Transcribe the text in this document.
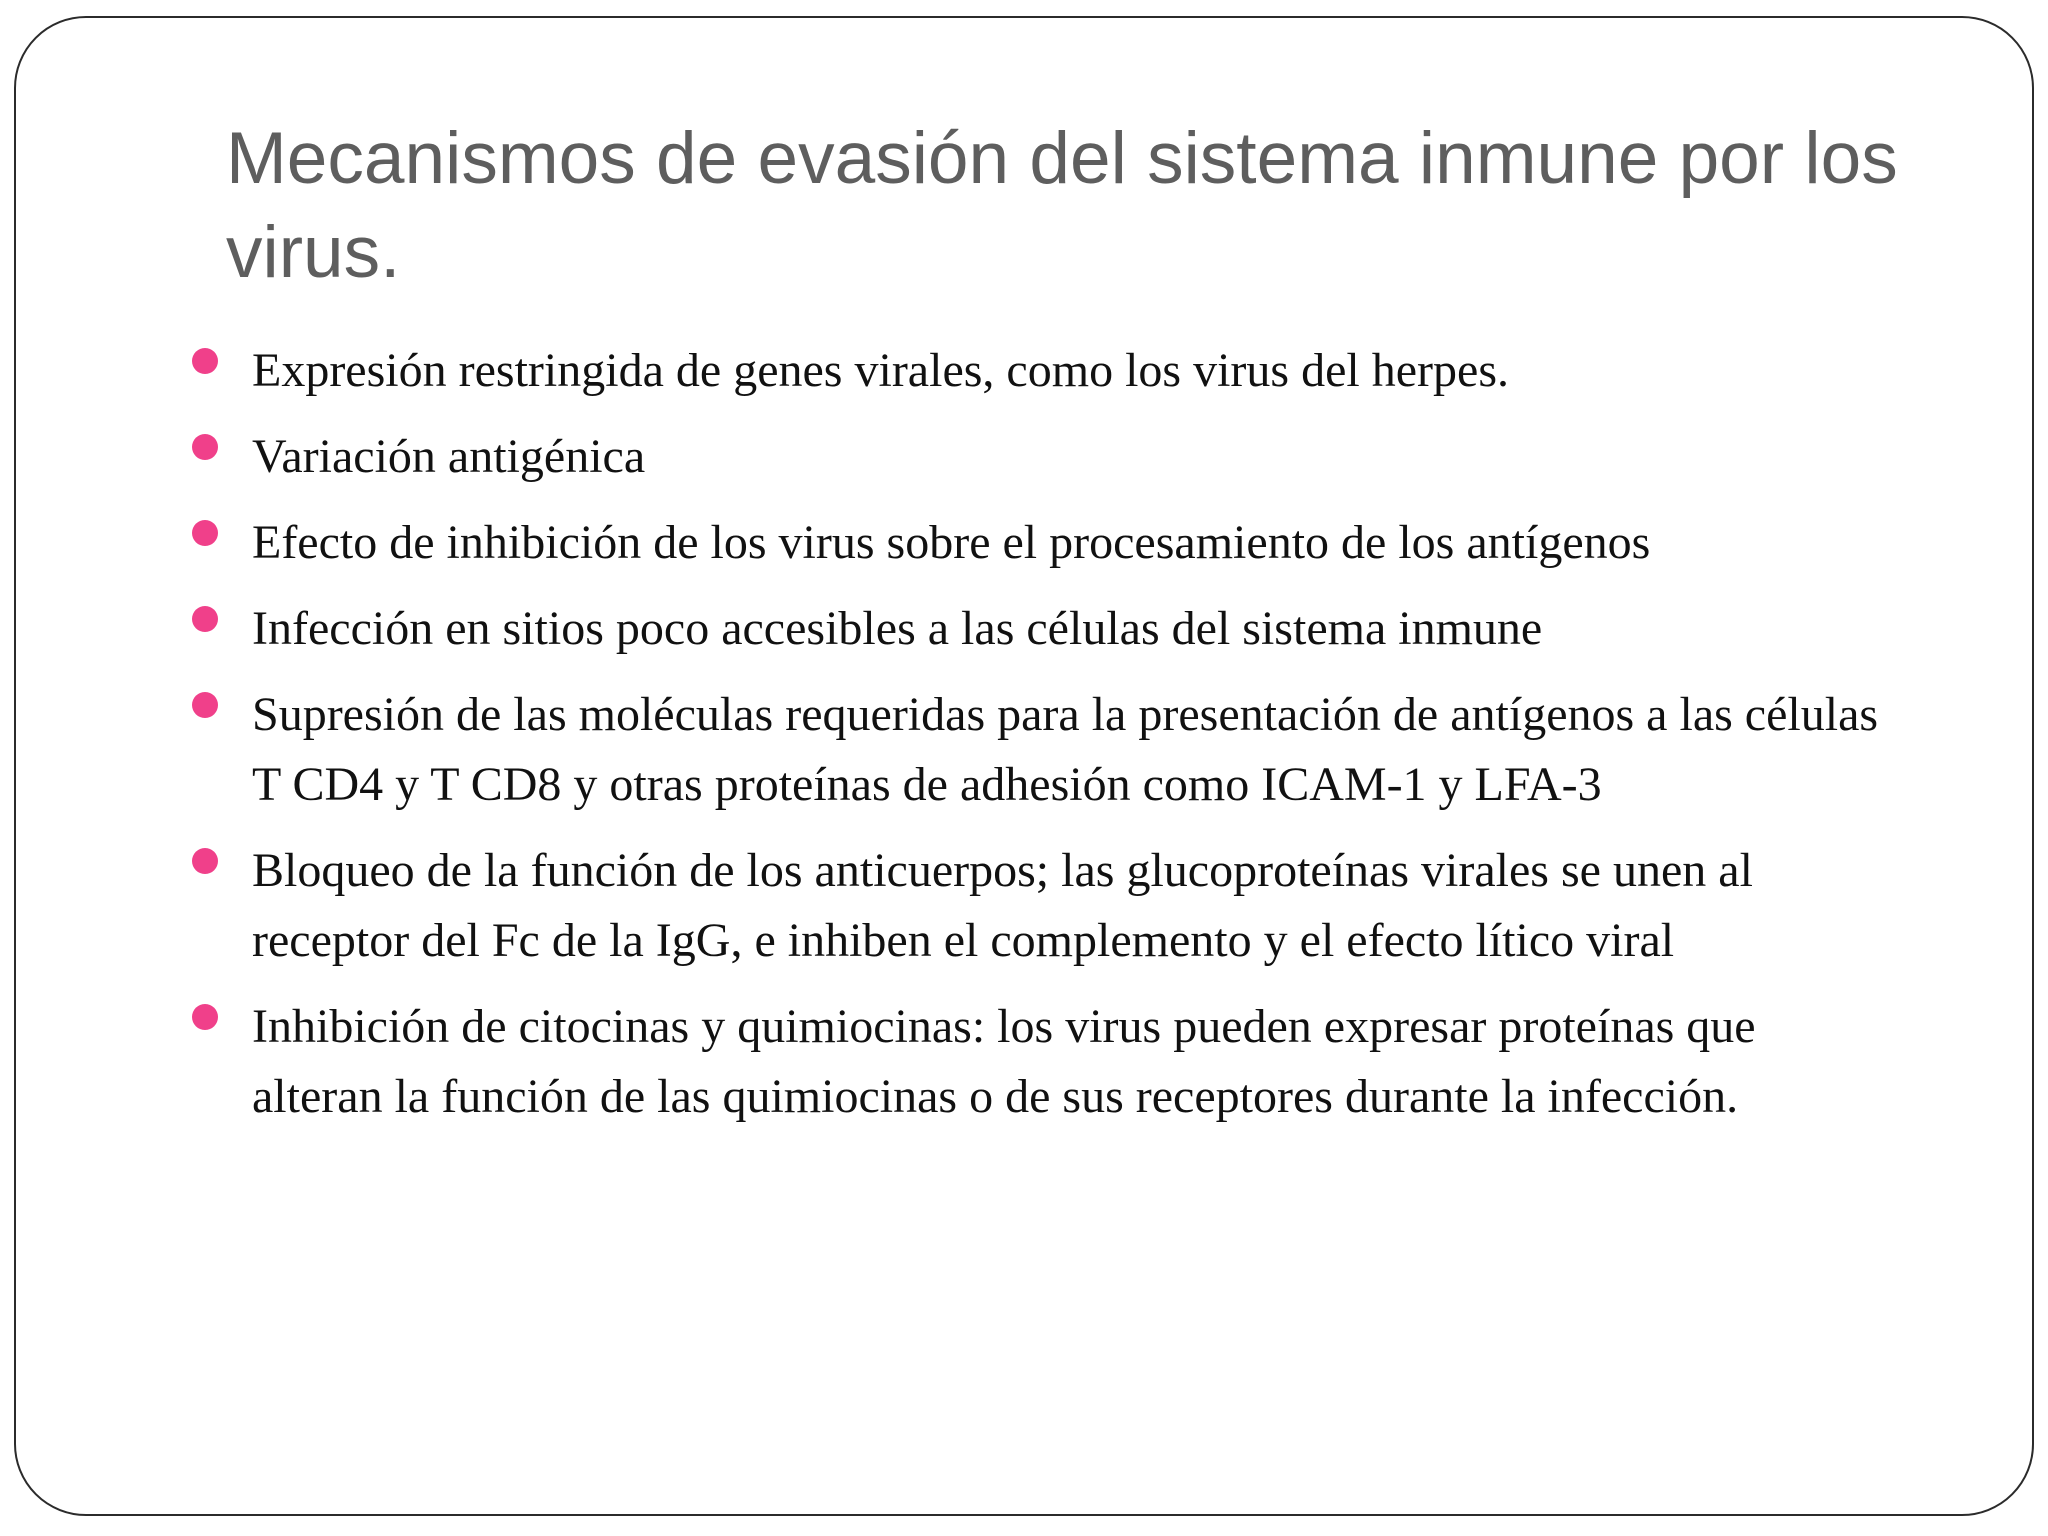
Mecanismos de evasión del sistema inmune por los virus.
Expresión restringida de genes virales, como los virus del herpes.
Variación antigénica
Efecto de inhibición de los virus sobre el procesamiento de los antígenos
Infección en sitios poco accesibles a las células del sistema inmune
Supresión de las moléculas requeridas para la presentación de antígenos a las células T CD4 y T CD8 y otras proteínas de adhesión como ICAM-1 y LFA-3
Bloqueo de la función de los anticuerpos; las glucoproteínas virales se unen al receptor del Fc de la IgG, e inhiben el complemento y el efecto lítico viral
Inhibición de citocinas y quimiocinas: los virus pueden expresar proteínas que alteran la función de las quimiocinas o de sus receptores durante la infección.
